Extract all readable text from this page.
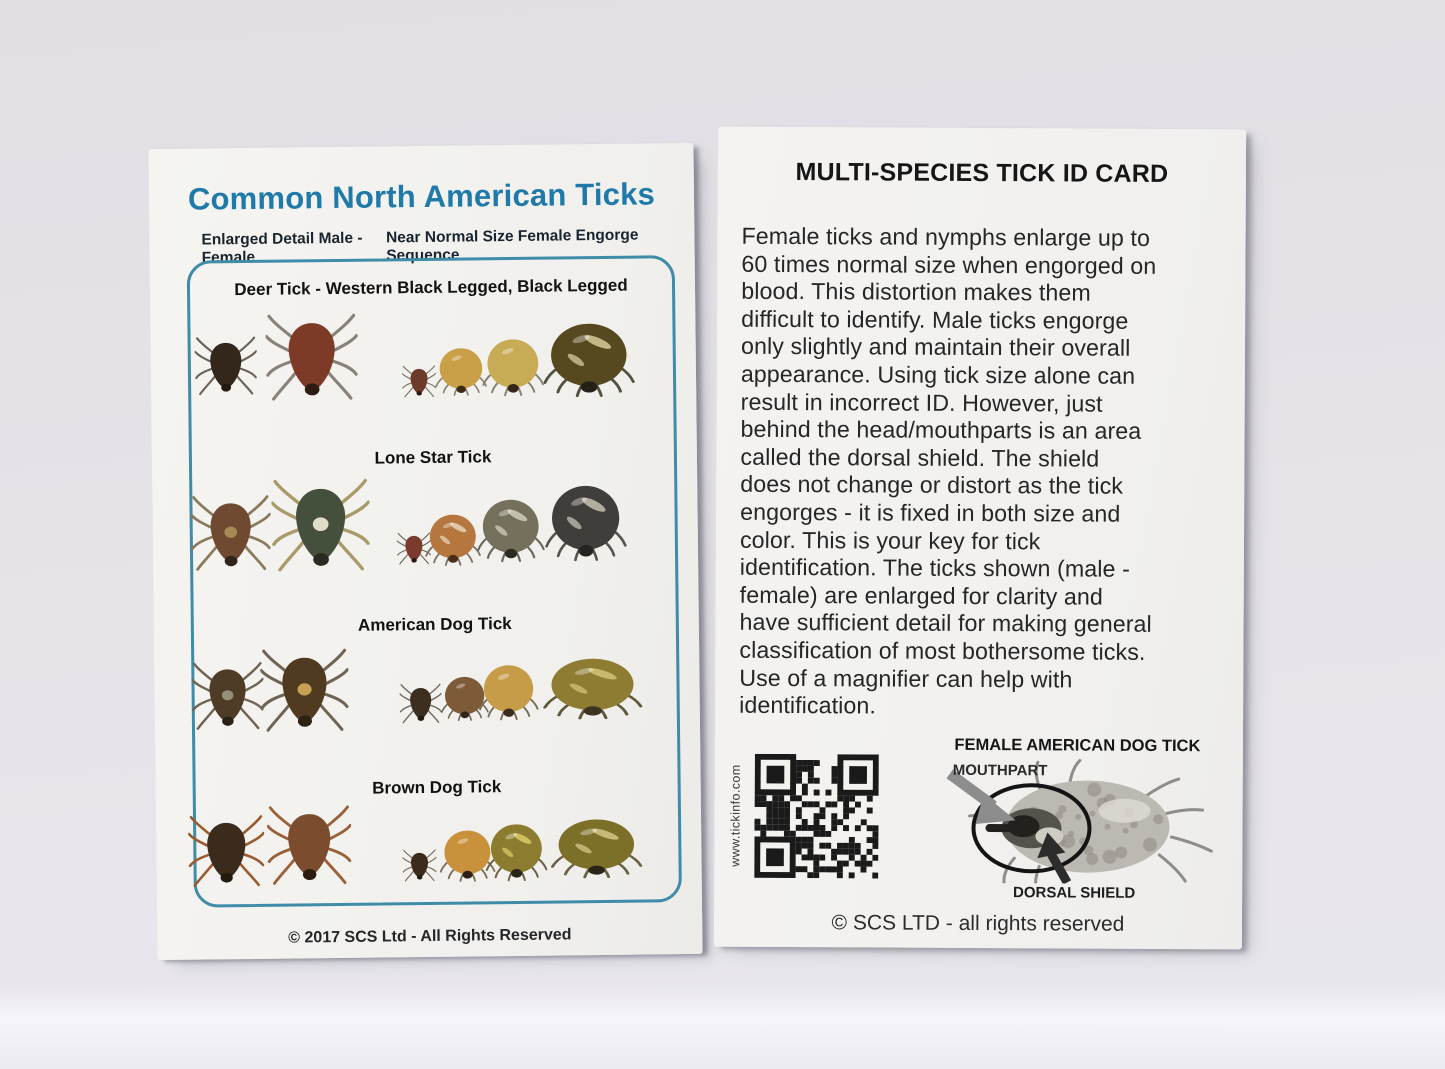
Common North American Ticks
Enlarged Detail Male - Female
Near Normal Size Female Engorge Sequence
Deer Tick - Western Black Legged, Black Legged
Lone Star Tick
American Dog Tick
Brown Dog Tick
© 2017 SCS Ltd - All Rights Reserved
MULTI-SPECIES TICK ID CARD
Female ticks and nymphs enlarge up to
60 times normal size when engorged on
blood. This distortion makes them
difficult to identify. Male ticks engorge
only slightly and maintain their overall
appearance. Using tick size alone can
result in incorrect ID. However, just
behind the head/mouthparts is an area
called the dorsal shield. The shield
does not change or distort as the tick
engorges - it is fixed in both size and
color. This is your key for tick
identification. The ticks shown (male -
female) are enlarged for clarity and
have sufficient detail for making general
classification of most bothersome ticks.
Use of a magnifier can help with
identification.
www.tickinfo.com
FEMALE AMERICAN DOG TICK
MOUTHPART
DORSAL SHIELD
© SCS LTD - all rights reserved
